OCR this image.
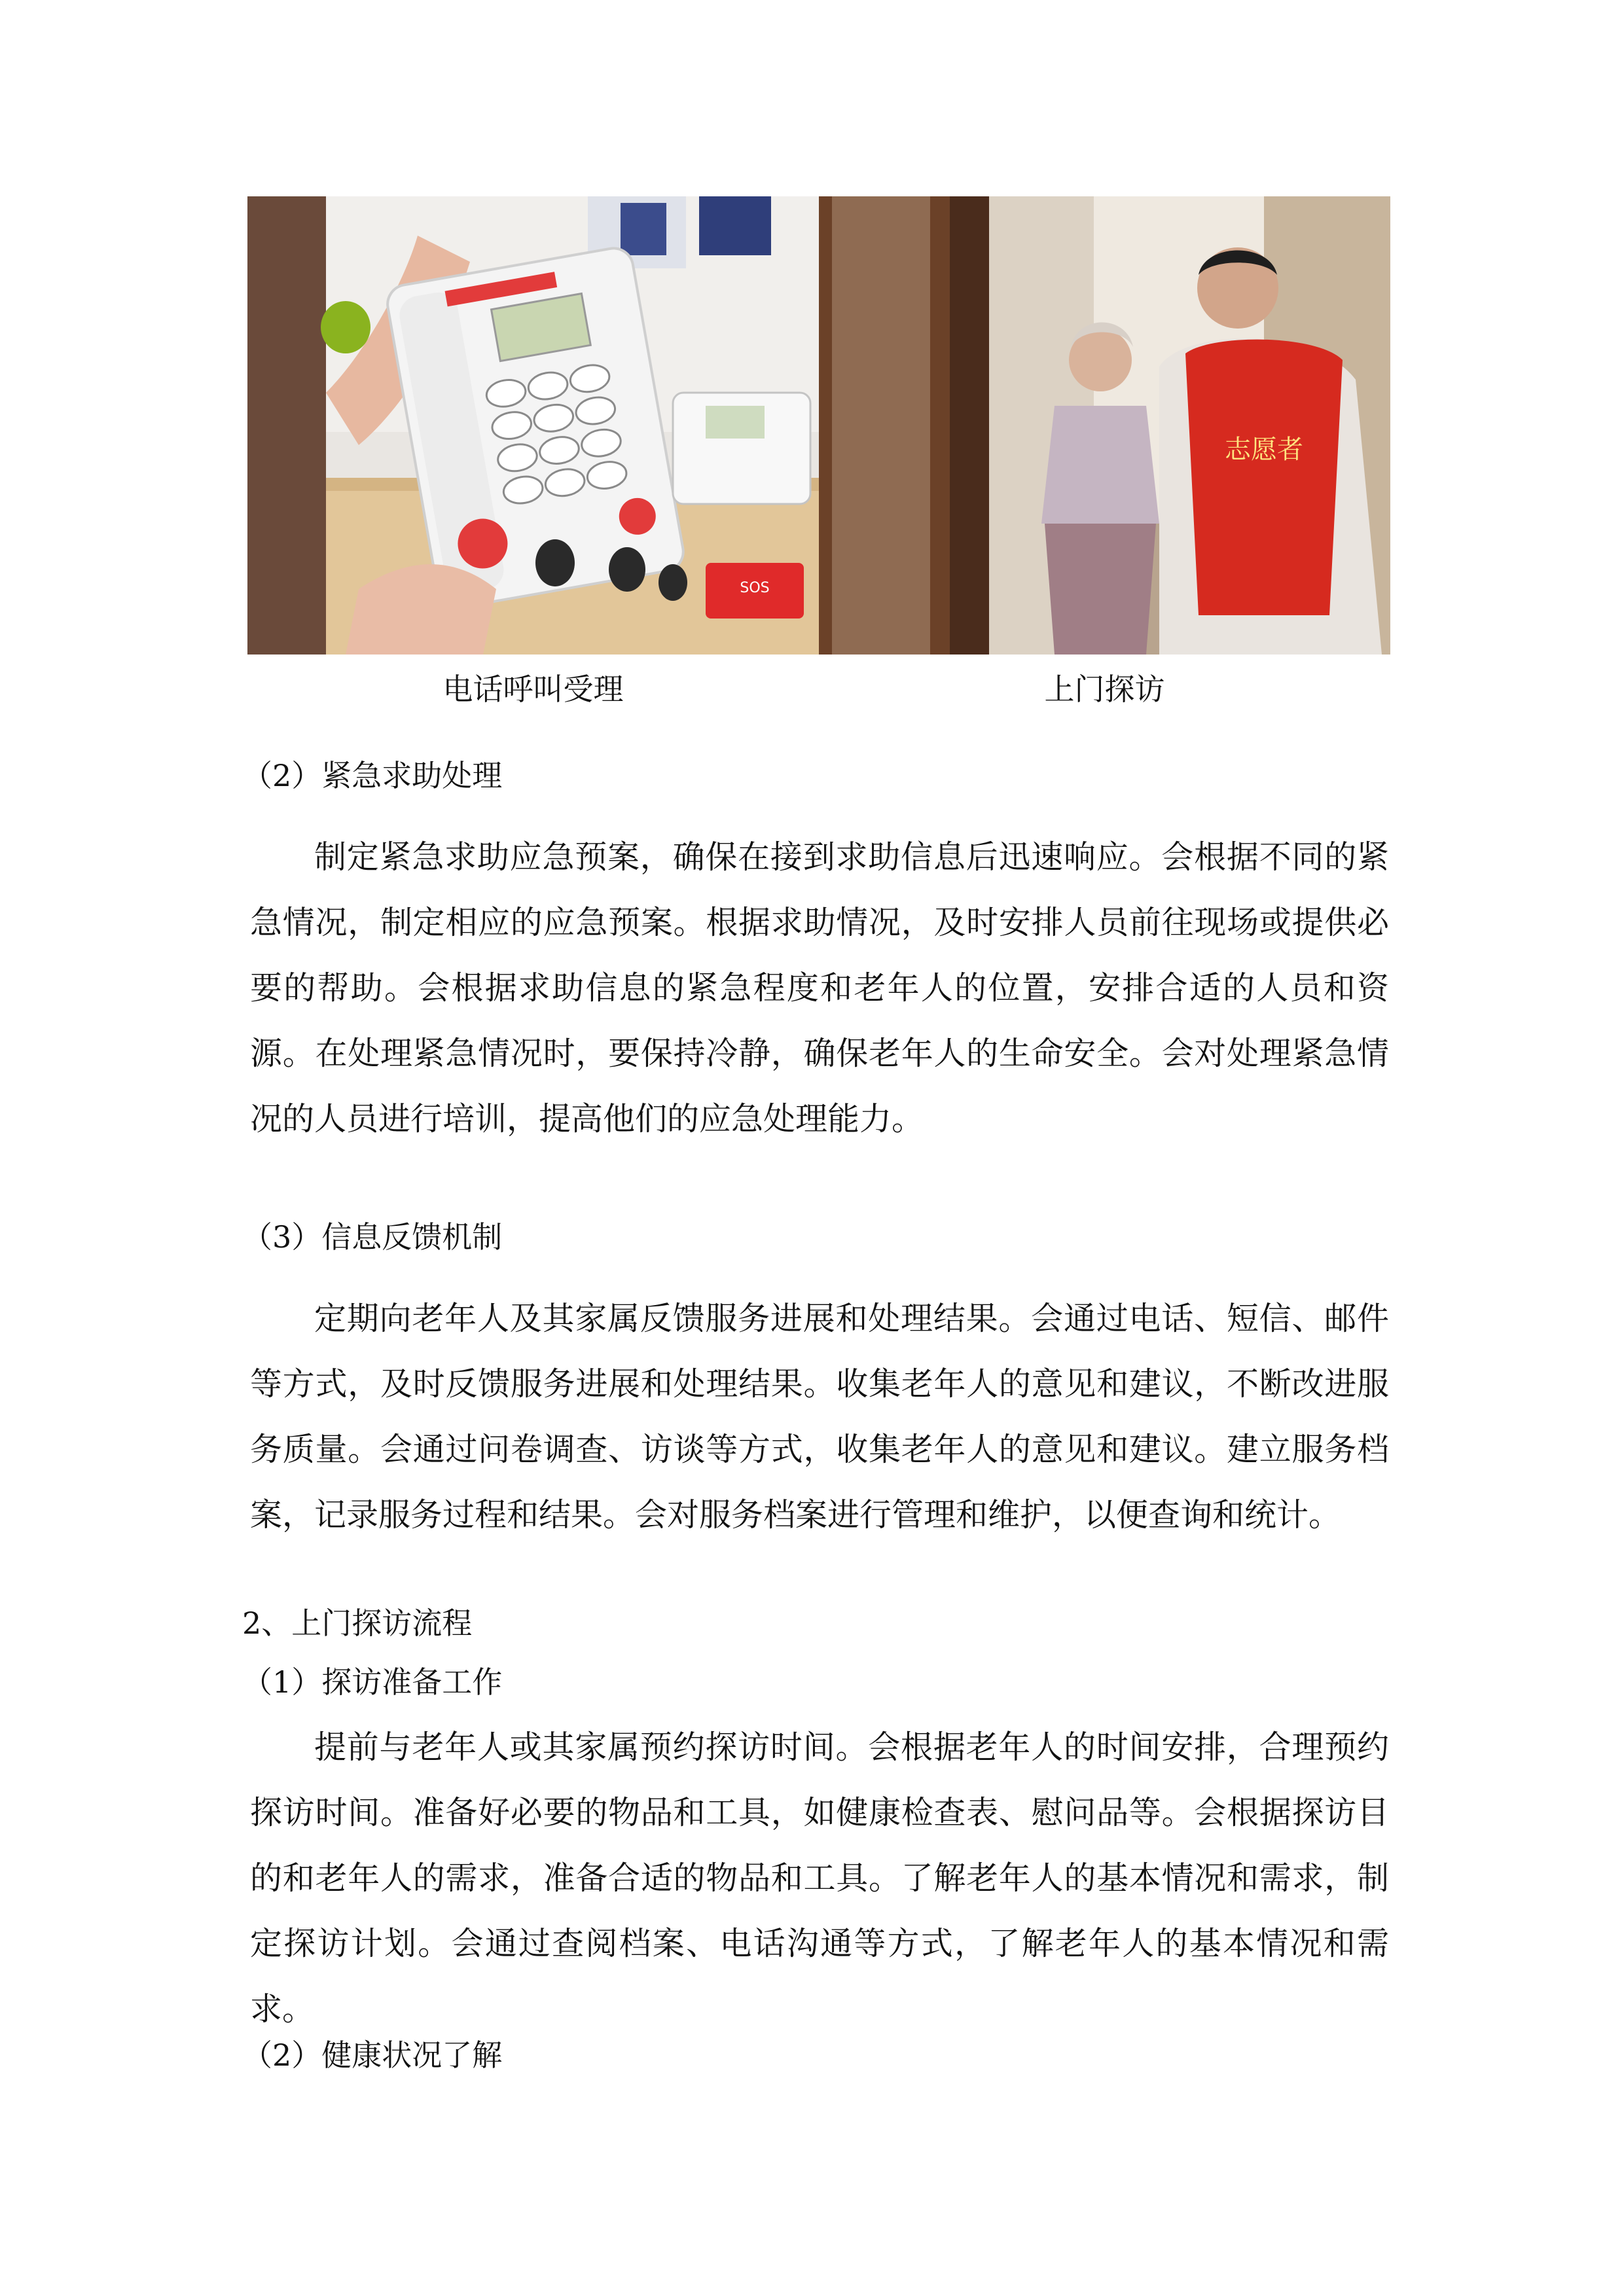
SOS
志愿者
电话呼叫受理	上门探访
（2）紧急求助处理

制定紧急求助应急预案，确保在接到求助信息后迅速响应。会根据不同的紧急情况，制定相应的应急预案。根据求助情况，及时安排人员前往现场或提供必要的帮助。会根据求助信息的紧急程度和老年人的位置，安排合适的人员和资源。在处理紧急情况时，要保持冷静，确保老年人的生命安全。会对处理紧急情况的人员进行培训，提高他们的应急处理能力。

（3）信息反馈机制

定期向老年人及其家属反馈服务进展和处理结果。会通过电话、短信、邮件等方式，及时反馈服务进展和处理结果。收集老年人的意见和建议，不断改进服务质量。会通过问卷调查、访谈等方式，收集老年人的意见和建议。建立服务档案，记录服务过程和结果。会对服务档案进行管理和维护，以便查询和统计。

2、上门探访流程
（1）探访准备工作

提前与老年人或其家属预约探访时间。会根据老年人的时间安排，合理预约探访时间。准备好必要的物品和工具，如健康检查表、慰问品等。会根据探访目的和老年人的需求，准备合适的物品和工具。了解老年人的基本情况和需求，制定探访计划。会通过查阅档案、电话沟通等方式，了解老年人的基本情况和需求。

（2）健康状况了解
